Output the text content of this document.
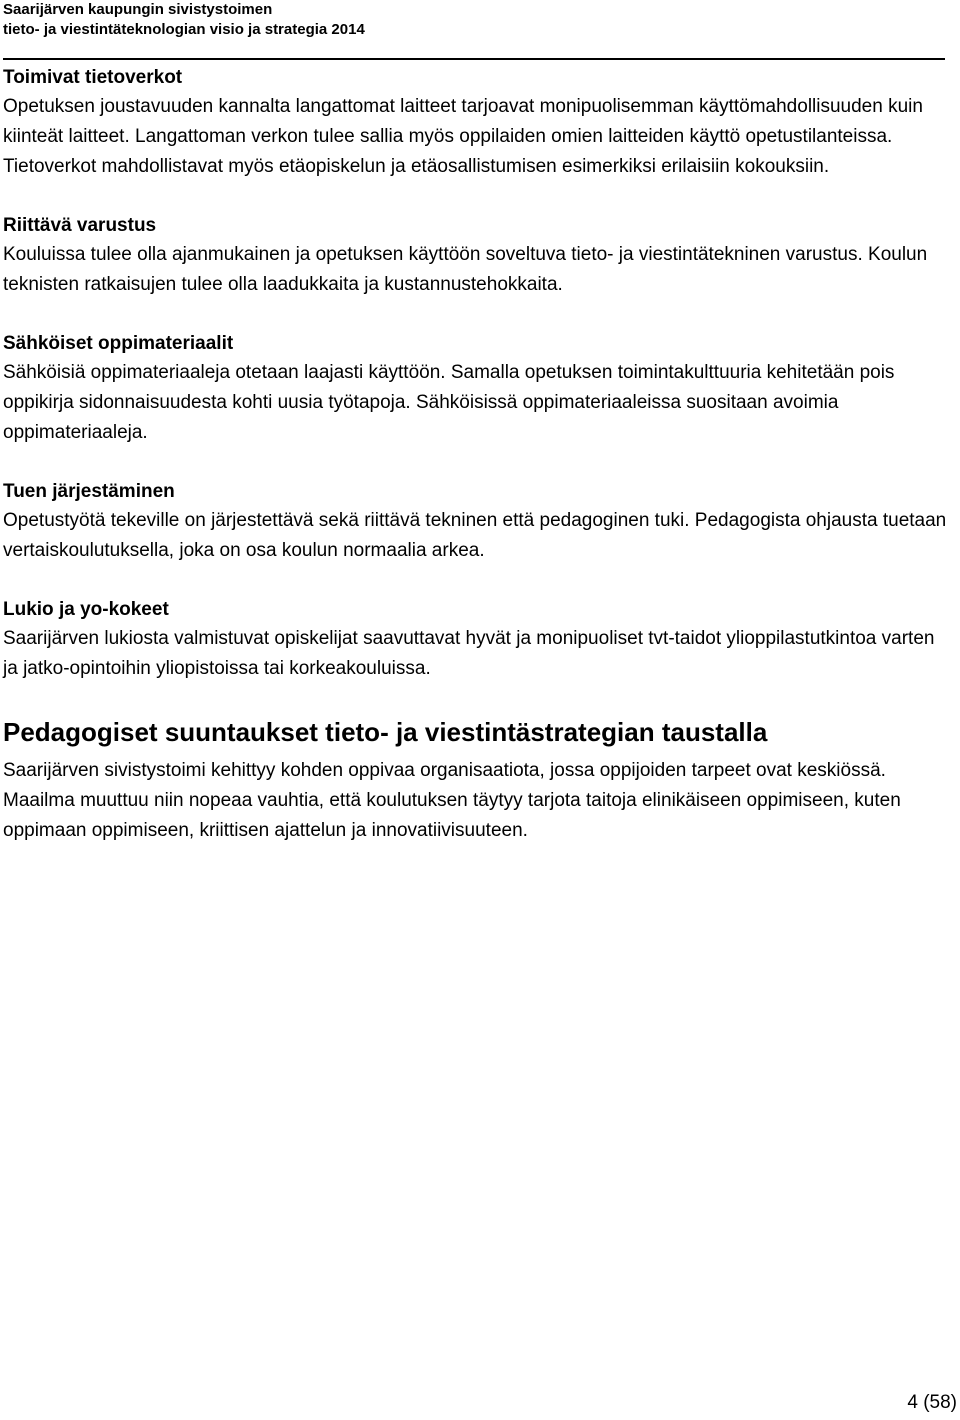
Saarijärven kaupungin sivistystoimen
tieto- ja viestintäteknologian visio ja strategia 2014
Toimivat tietoverkot
Opetuksen joustavuuden kannalta langattomat laitteet tarjoavat monipuolisemman käyttömahdollisuuden kuin kiinteät laitteet. Langattoman verkon tulee sallia myös oppilaiden omien laitteiden käyttö opetustilanteissa. Tietoverkot mahdollistavat myös etäopiskelun ja etäosallistumisen esimerkiksi erilaisiin kokouksiin.
Riittävä varustus
Kouluissa tulee olla ajanmukainen ja opetuksen käyttöön soveltuva tieto- ja viestintätekninen varustus. Koulun teknisten ratkaisujen tulee olla laadukkaita ja kustannustehokkaita.
Sähköiset oppimateriaalit
Sähköisiä oppimateriaaleja otetaan laajasti käyttöön. Samalla opetuksen toimintakulttuuria kehitetään pois oppikirja sidonnaisuudesta kohti uusia työtapoja. Sähköisissä oppimateriaaleissa suositaan avoimia oppimateriaaleja.
Tuen järjestäminen
Opetustyötä tekeville on järjestettävä sekä riittävä tekninen että pedagoginen tuki. Pedagogista ohjausta tuetaan vertaiskoulutuksella, joka on osa koulun normaalia arkea.
Lukio ja yo-kokeet
Saarijärven lukiosta valmistuvat opiskelijat saavuttavat hyvät ja monipuoliset tvt-taidot ylioppilastutkintoa varten ja jatko-opintoihin yliopistoissa tai korkeakouluissa.
Pedagogiset suuntaukset tieto- ja viestintästrategian taustalla
Saarijärven sivistystoimi kehittyy kohden oppivaa organisaatiota, jossa oppijoiden tarpeet ovat keskiössä. Maailma muuttuu niin nopeaa vauhtia, että koulutuksen täytyy tarjota taitoja elinikäiseen oppimiseen, kuten oppimaan oppimiseen, kriittisen ajattelun ja innovatiivisuuteen.
4 (58)
